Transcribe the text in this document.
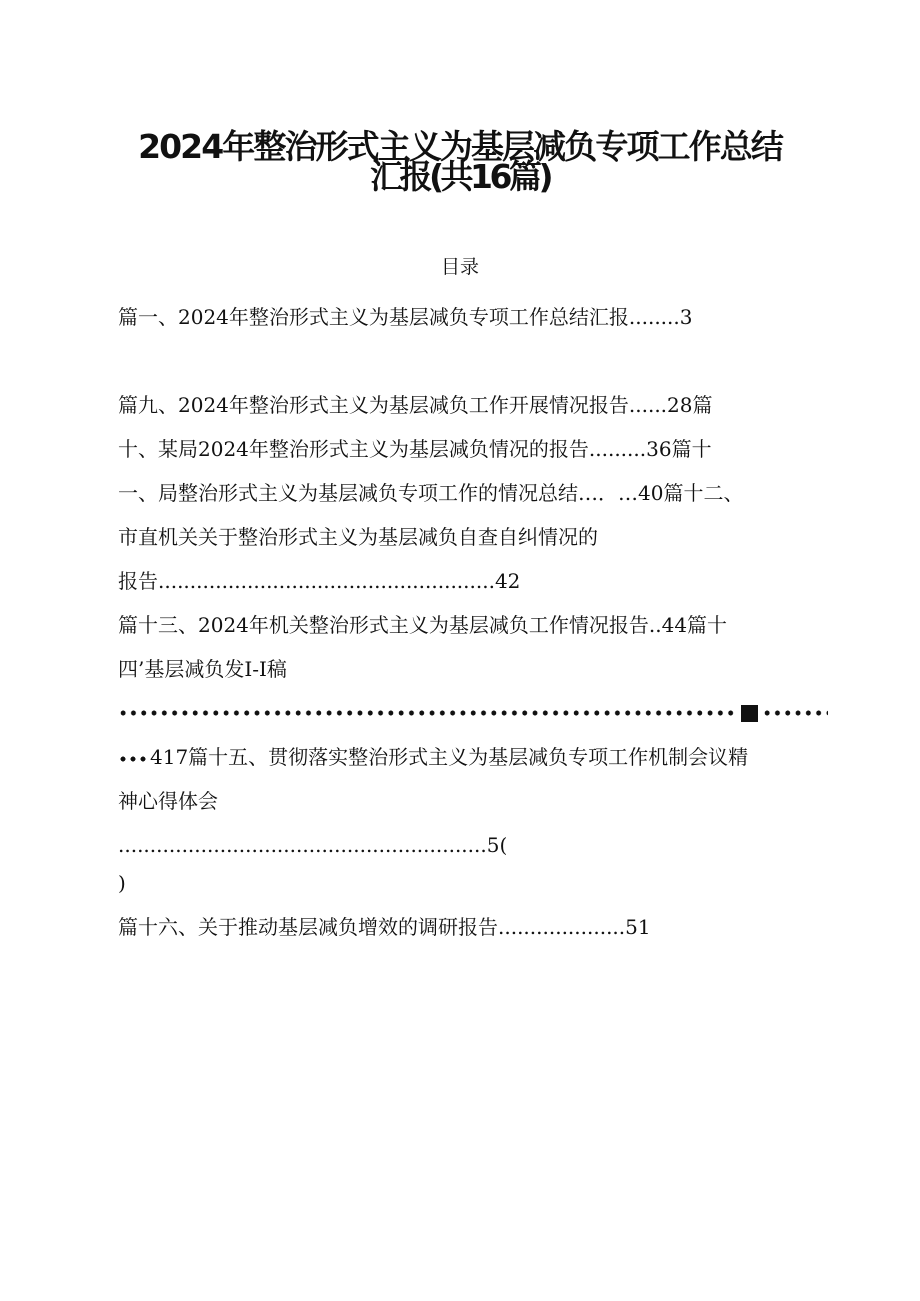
2024年整治形式主义为基层减负专项工作总结
汇报(共16篇)
目录
篇一、2024年整治形式主义为基层减负专项工作总结汇报........3
篇九、2024年整治形式主义为基层减负工作开展情况报告......28篇
十、某局2024年整治形式主义为基层减负情况的报告.........36篇十
一、局整治形式主义为基层减负专项工作的情况总结…．…40篇十二、
市直机关关于整治形式主义为基层减负自查自纠情况的
报告.....................................................42
篇十三、2024年机关整治形式主义为基层减负工作情况报告..44篇十
四’基层减负发I-I稿
417篇十五、贯彻落实整治形式主义为基层减负专项工作机制会议精
神心得体会
..........................................................5(
)
篇十六、关于推动基层减负增效的调研报告....................51
